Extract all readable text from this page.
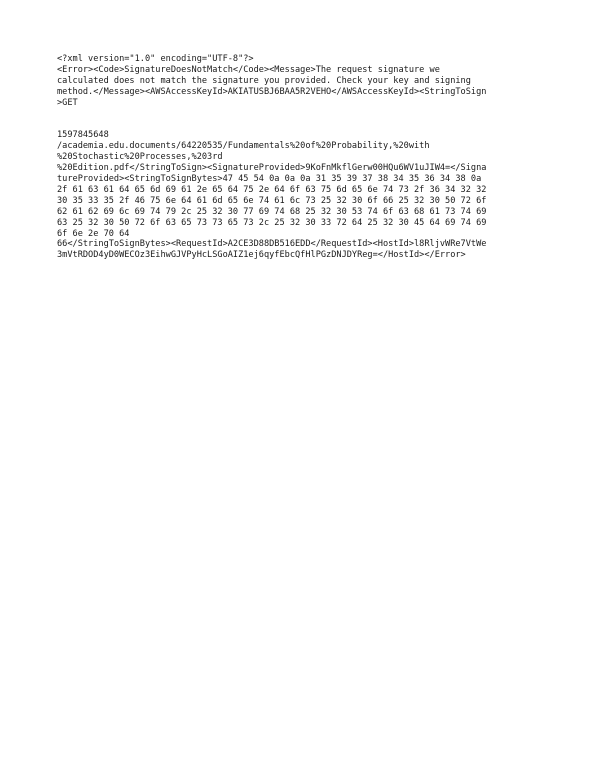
<?xml version="1.0" encoding="UTF-8"?>
<Error><Code>SignatureDoesNotMatch</Code><Message>The request signature we
calculated does not match the signature you provided. Check your key and signing
method.</Message><AWSAccessKeyId>AKIATUSBJ6BAA5R2VEHO</AWSAccessKeyId><StringToSign
>GET

1597845648
/academia.edu.documents/64220535/Fundamentals%20of%20Probability,%20with
%20Stochastic%20Processes,%203rd
%20Edition.pdf</StringToSign><SignatureProvided>9KoFnMkflGerw00HQu6WV1uJIW4=</Signa
tureProvided><StringToSignBytes>47 45 54 0a 0a 0a 31 35 39 37 38 34 35 36 34 38 0a
2f 61 63 61 64 65 6d 69 61 2e 65 64 75 2e 64 6f 63 75 6d 65 6e 74 73 2f 36 34 32 32
30 35 33 35 2f 46 75 6e 64 61 6d 65 6e 74 61 6c 73 25 32 30 6f 66 25 32 30 50 72 6f
62 61 62 69 6c 69 74 79 2c 25 32 30 77 69 74 68 25 32 30 53 74 6f 63 68 61 73 74 69
63 25 32 30 50 72 6f 63 65 73 73 65 73 2c 25 32 30 33 72 64 25 32 30 45 64 69 74 69
6f 6e 2e 70 64
66</StringToSignBytes><RequestId>A2CE3D88DB516EDD</RequestId><HostId>l8RljvWRe7VtWe
3mVtRDOD4yD0WECOz3EihwGJVPyHcLSGoAIZ1ej6qyfEbcQfHlPGzDNJDYReg=</HostId></Error>
